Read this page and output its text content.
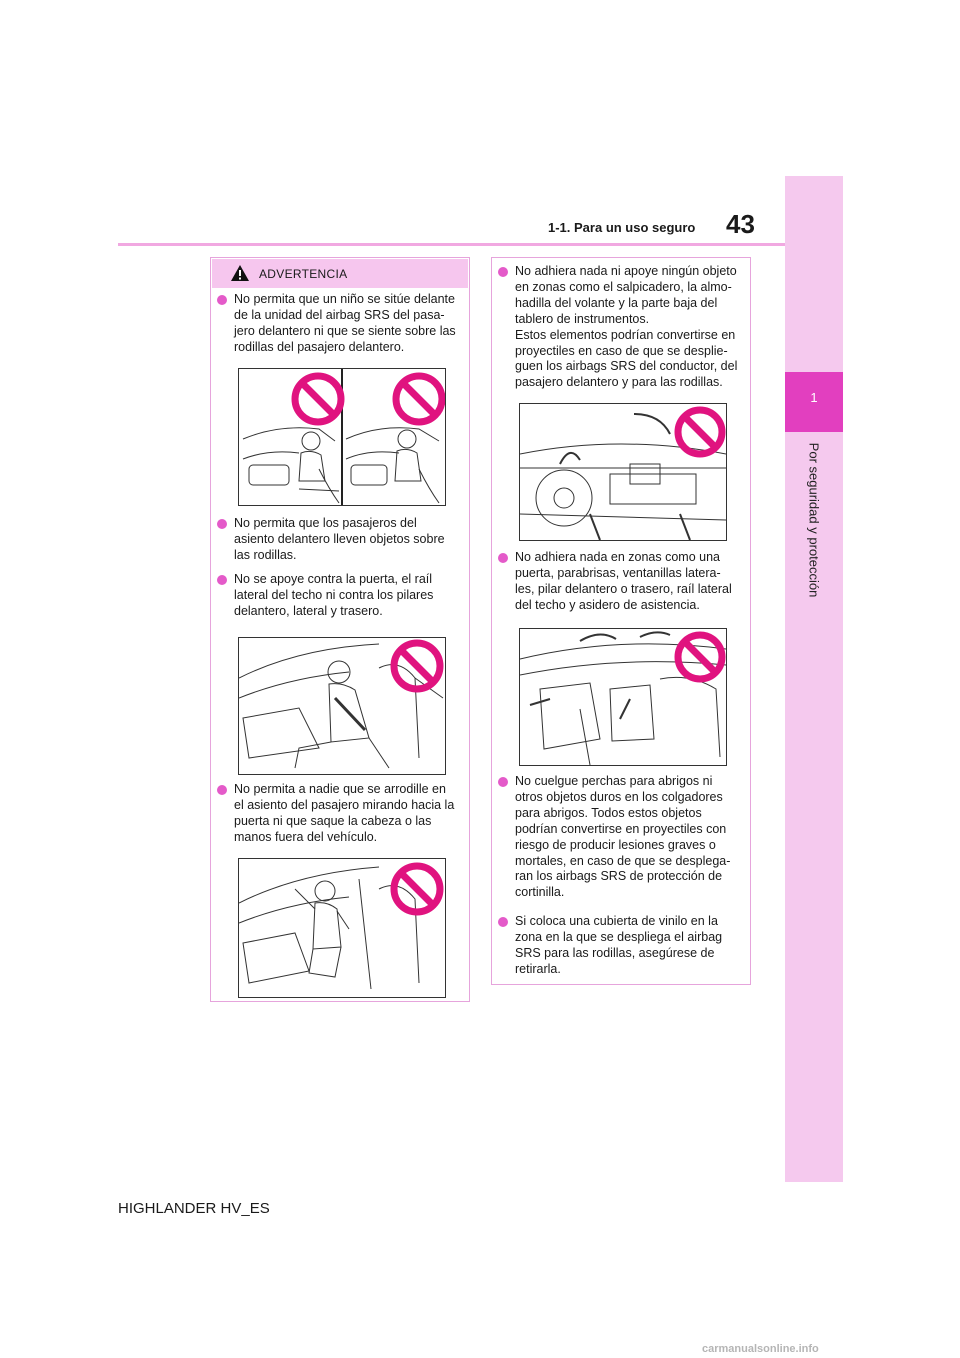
1
Por seguridad y protección
1-1. Para un uso seguro 43
ADVERTENCIA
No permita que un niño se sitúe delante
de la unidad del airbag SRS del pasa-
jero delantero ni que se siente sobre las
rodillas del pasajero delantero.
No permita que los pasajeros del
asiento delantero lleven objetos sobre
las rodillas.
No se apoye contra la puerta, el raíl
lateral del techo ni contra los pilares
delantero, lateral y trasero.
No permita a nadie que se arrodille en
el asiento del pasajero mirando hacia la
puerta ni que saque la cabeza o las
manos fuera del vehículo.
No adhiera nada ni apoye ningún objeto
en zonas como el salpicadero, la almo-
hadilla del volante y la parte baja del
tablero de instrumentos.
Estos elementos podrían convertirse en
proyectiles en caso de que se desplie-
guen los airbags SRS del conductor, del
pasajero delantero y para las rodillas.
No adhiera nada en zonas como una
puerta, parabrisas, ventanillas latera-
les, pilar delantero o trasero, raíl lateral
del techo y asidero de asistencia.
No cuelgue perchas para abrigos ni
otros objetos duros en los colgadores
para abrigos. Todos estos objetos
podrían convertirse en proyectiles con
riesgo de producir lesiones graves o
mortales, en caso de que se desplega-
ran los airbags SRS de protección de
cortinilla.
Si coloca una cubierta de vinilo en la
zona en la que se despliega el airbag
SRS para las rodillas, asegúrese de
retirarla.
HIGHLANDER HV_ES
carmanualsonline.info
